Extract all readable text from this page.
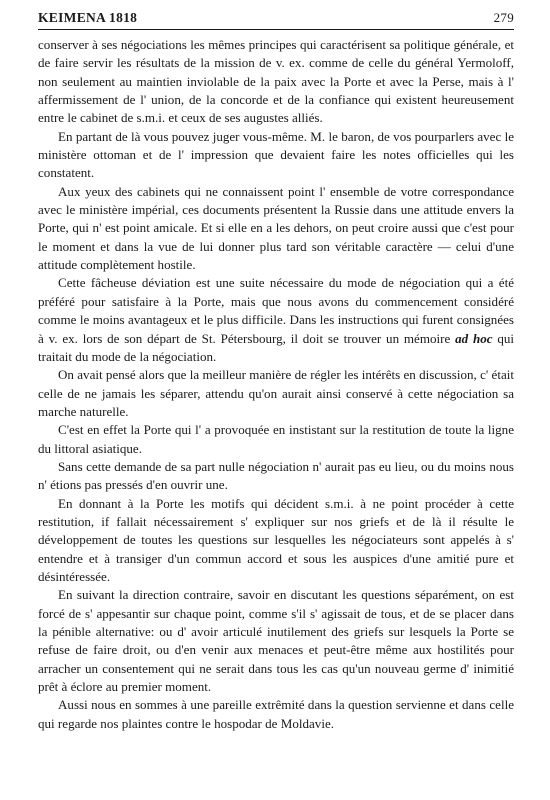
KEIMENA 1818	279

conserver à ses négociations les mêmes principes qui caractérisent sa politique générale, et de faire servir les résultats de la mission de v. ex. comme de celle du général Yermoloff, non seulement au maintien inviolable de la paix avec la Porte et avec la Perse, mais à l' affermissement de l' union, de la concorde et de la confiance qui existent heureusement entre le cabinet de s.m.i. et ceux de ses augustes alliés.

En partant de là vous pouvez juger vous-même. M. le baron, de vos pourparlers avec le ministère ottoman et de l' impression que devaient faire les notes officielles qui les constatent.

Aux yeux des cabinets qui ne connaissent point l' ensemble de votre correspondance avec le ministère impérial, ces documents présentent la Russie dans une attitude envers la Porte, qui n' est point amicale. Et si elle en a les dehors, on peut croire aussi que c'est pour le moment et dans la vue de lui donner plus tard son véritable caractère — celui d'une attitude complètement hostile.

Cette fâcheuse déviation est une suite nécessaire du mode de négociation qui a été préféré pour satisfaire à la Porte, mais que nous avons du commencement considéré comme le moins avantageux et le plus difficile. Dans les instructions qui furent consignées à v. ex. lors de son départ de St. Pétersbourg, il doit se trouver un mémoire ad hoc qui traitait du mode de la négociation.

On avait pensé alors que la meilleur manière de régler les intérêts en discussion, c' était celle de ne jamais les séparer, attendu qu'on aurait ainsi conservé à cette négociation sa marche naturelle.

C'est en effet la Porte qui l' a provoquée en instistant sur la restitution de toute la ligne du littoral asiatique.

Sans cette demande de sa part nulle négociation n' aurait pas eu lieu, ou du moins nous n' étions pas pressés d'en ouvrir une.

En donnant à la Porte les motifs qui décident s.m.i. à ne point procéder à cette restitution, if fallait nécessairement s' expliquer sur nos griefs et de là il résulte le développement de toutes les questions sur lesquelles les négociateurs sont appelés à s' entendre et à transiger d'un commun accord et sous les auspices d'une amitié pure et désintéressée.

En suivant la direction contraire, savoir en discutant les questions séparément, on est forcé de s' appesantir sur chaque point, comme s'il s' agissait de tous, et de se placer dans la pénible alternative: ou d' avoir articulé inutilement des griefs sur lesquels la Porte se refuse de faire droit, ou d'en venir aux menaces et peut-être même aux hostilités pour arracher un consentement qui ne serait dans tous les cas qu'un nouveau germe d' inimitié prêt à éclore au premier moment.

Aussi nous en sommes à une pareille extrêmité dans la question servienne et dans celle qui regarde nos plaintes contre le hospodar de Moldavie.
